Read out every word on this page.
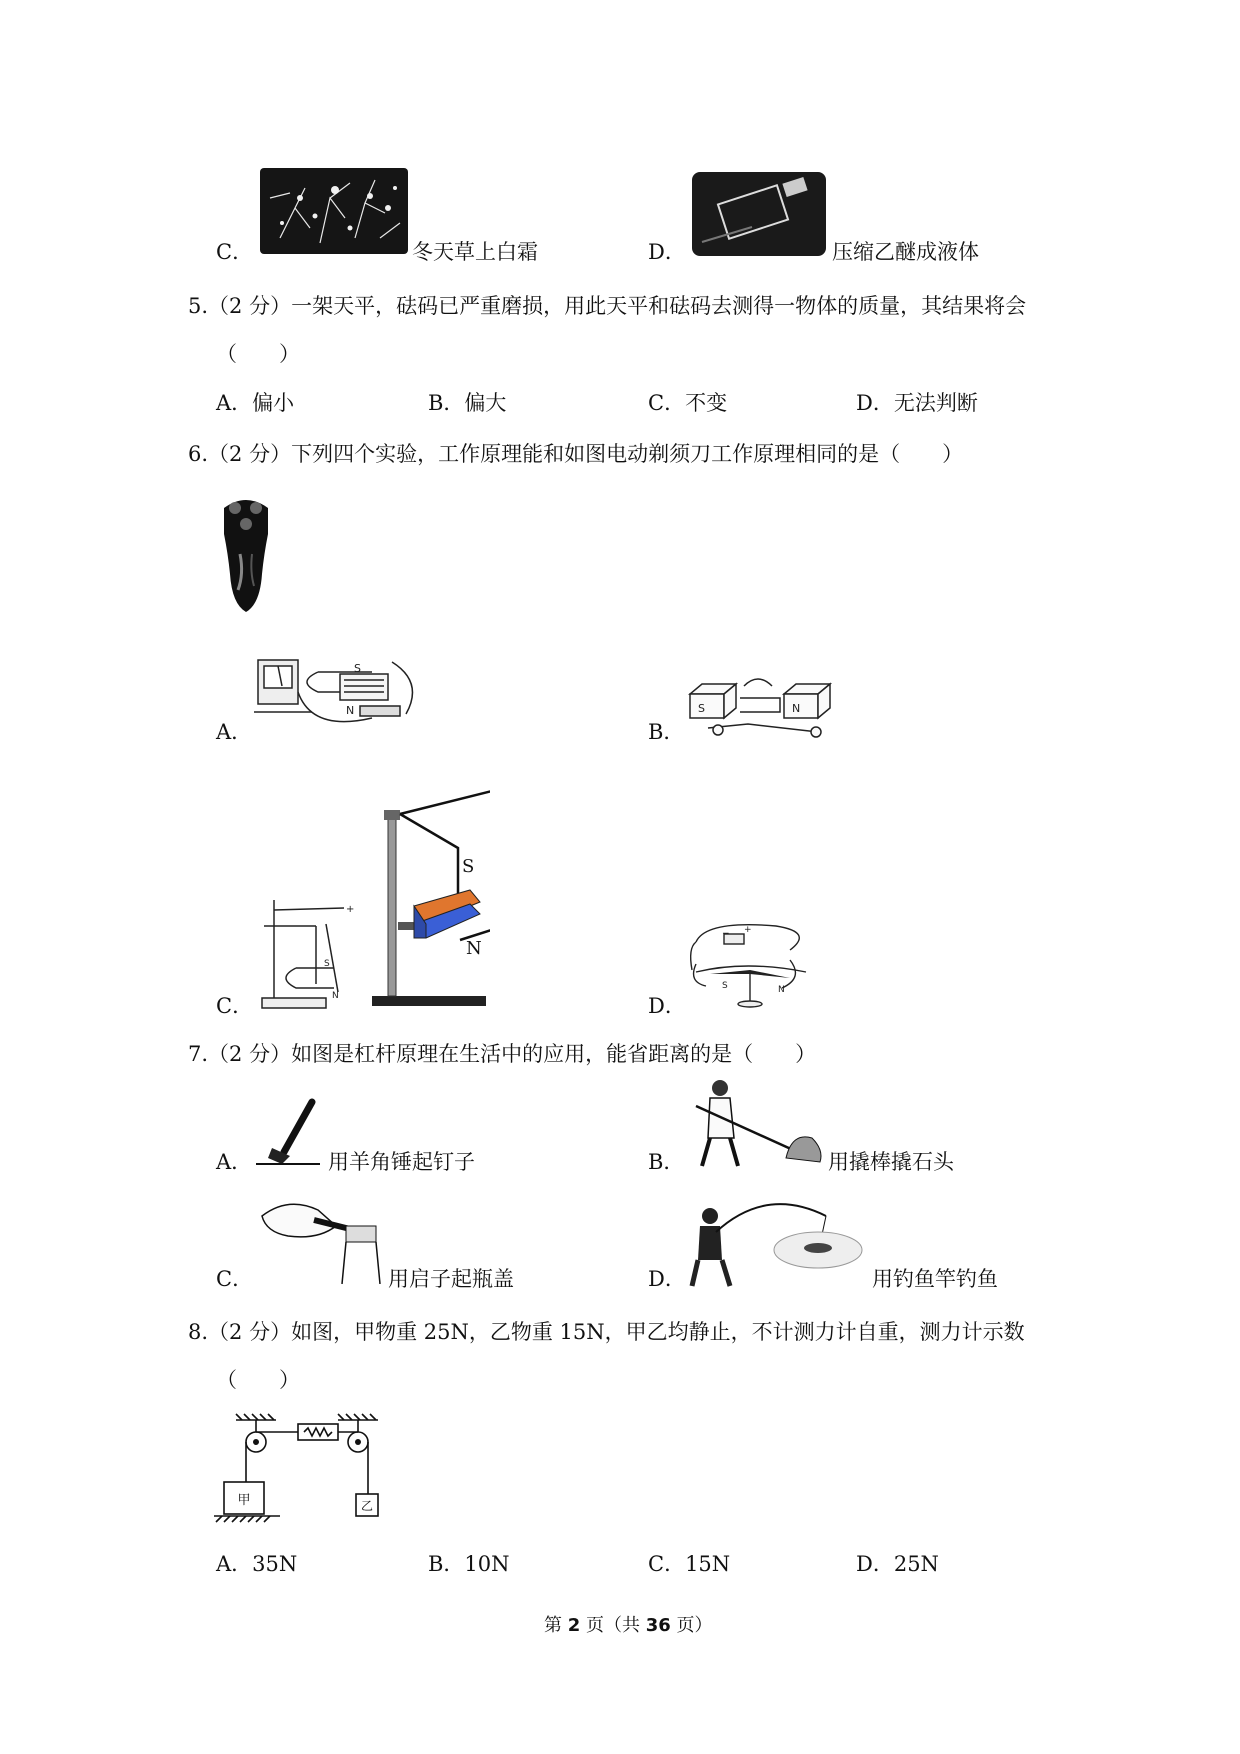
C．	冬天草上白霜	D．	压缩乙醚成液体
5.（2 分）一架天平，砝码已严重磨损，用此天平和砝码去测得一物体的质量，其结果将会
（　　）
A．偏小	B．偏大	C．不变	D．无法判断
6.（2 分）下列四个实验，工作原理能和如图电动剃须刀工作原理相同的是（　　）
S
N
A．
S	N
B．
+
S
N
S
N
C．
− +
S	N
D．
7.（2 分）如图是杠杆原理在生活中的应用，能省距离的是（　　）
A．	用羊角锤起钉子	B．	用撬棒撬石头
C．	用启子起瓶盖	D．	用钓鱼竿钓鱼
8.（2 分）如图，甲物重 25N，乙物重 15N，甲乙均静止，不计测力计自重，测力计示数
（　　）
甲	乙
A．35N	B．10N	C．15N	D．25N
第 2 页（共 36 页）
